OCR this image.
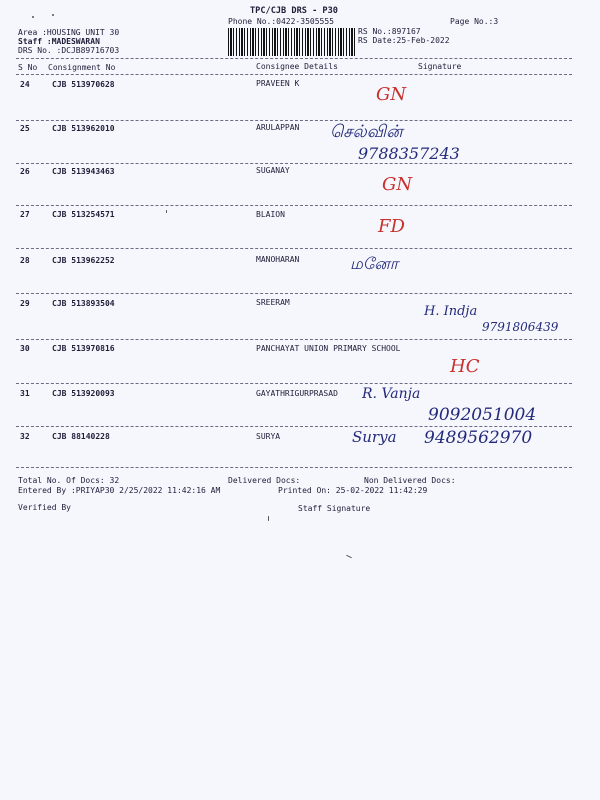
TPC/CJB DRS - P30
Phone No.:0422-3505555	Page No.:3
RS No.:897167
RS Date:25-Feb-2022
Area :HOUSING UNIT 30
Staff :MADESWARAN
DRS No. :DCJB89716703
S No Consignment No	Consignee Details	Signature
24	CJB 513970628	PRAVEEN K
GN
25	CJB 513962010	ARULAPPAN செல்வின்
9788357243
26	CJB 513943463	SUGANAY
GN
27	CJB 513254571	BLAION
FD
28	CJB 513962252	MANOHARAN	மனோ
29	CJB 513893504	SREERAM
H. Indja
9791806439
30	CJB 513970816	PANCHAYAT UNION PRIMARY SCHOOL
HC
31	CJB 513920093	GAYATHRIGURPRASAD R. Vanja
9092051004
32	CJB 88140228	SURYA	Surya 9489562970
Total No. Of Docs: 32	Delivered Docs:	Non Delivered Docs:
Entered By :PRIYAP30 2/25/2022 11:42:16 AM	Printed On: 25-02-2022 11:42:29
Verified By	Staff Signature
